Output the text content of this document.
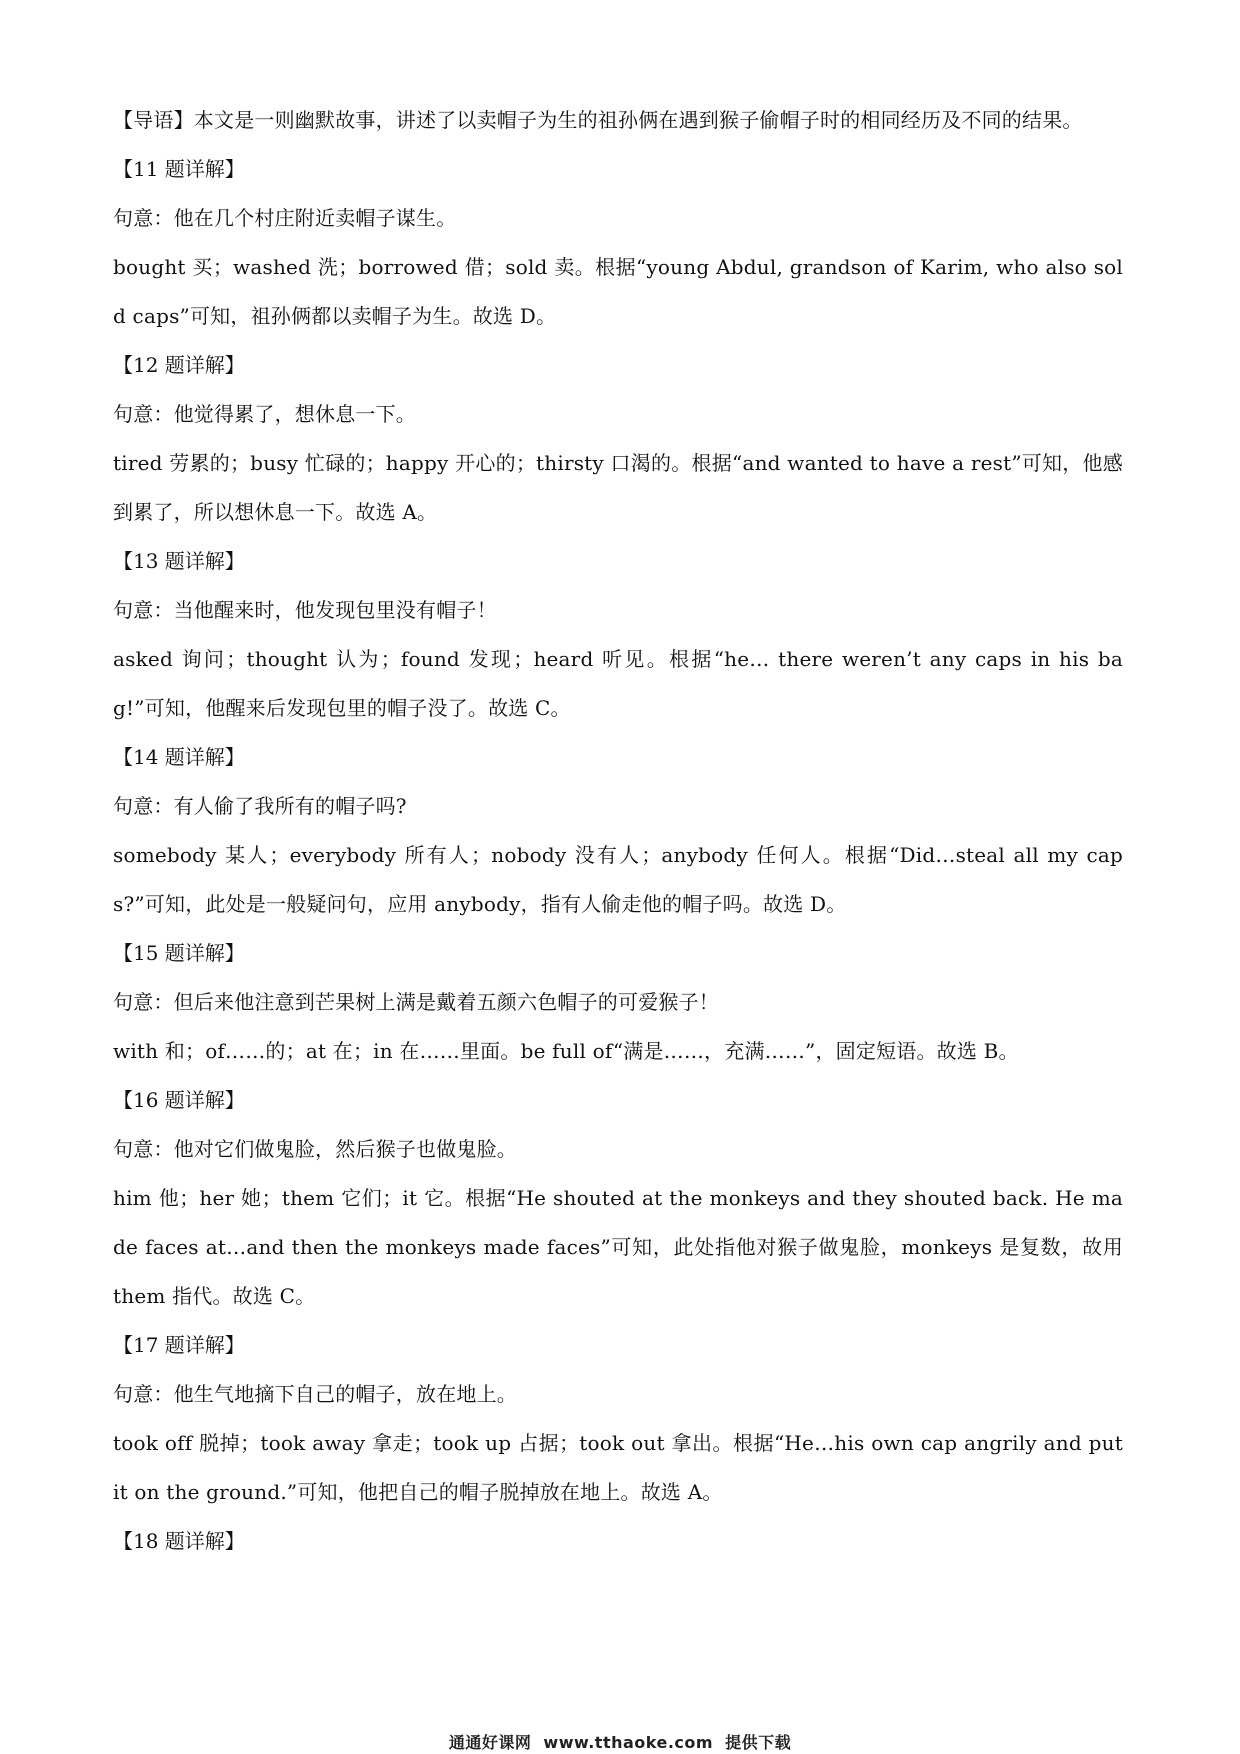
【导语】本文是一则幽默故事，讲述了以卖帽子为生的祖孙俩在遇到猴子偷帽子时的相同经历及不同的结果。

【11 题详解】

句意：他在几个村庄附近卖帽子谋生。

bought 买；washed 洗；borrowed 借；sold 卖。根据“young Abdul, grandson of Karim, who also sold caps”可知，祖孙俩都以卖帽子为生。故选 D。

【12 题详解】

句意：他觉得累了，想休息一下。

tired 劳累的；busy 忙碌的；happy 开心的；thirsty 口渴的。根据“and wanted to have a rest”可知，他感到累了，所以想休息一下。故选 A。

【13 题详解】

句意：当他醒来时，他发现包里没有帽子！

asked 询问；thought 认为；found 发现；heard 听见。根据“he… there weren’t any caps in his bag!”可知，他醒来后发现包里的帽子没了。故选 C。

【14 题详解】

句意：有人偷了我所有的帽子吗?

somebody 某人；everybody 所有人；nobody 没有人；anybody 任何人。根据“Did…steal all my caps?”可知，此处是一般疑问句，应用 anybody，指有人偷走他的帽子吗。故选 D。

【15 题详解】

句意：但后来他注意到芒果树上满是戴着五颜六色帽子的可爱猴子！

with 和；of……的；at 在；in 在……里面。be full of“满是……，充满……”，固定短语。故选 B。

【16 题详解】

句意：他对它们做鬼脸，然后猴子也做鬼脸。

him 他；her 她；them 它们；it 它。根据“He shouted at the monkeys and they shouted back. He made faces at…and then the monkeys made faces”可知，此处指他对猴子做鬼脸，monkeys 是复数，故用 them 指代。故选 C。

【17 题详解】

句意：他生气地摘下自己的帽子，放在地上。

took off 脱掉；took away 拿走；took up 占据；took out 拿出。根据“He…his own cap angrily and put it on the ground.”可知，他把自己的帽子脱掉放在地上。故选 A。

【18 题详解】

通通好课网 www.tthaoke.com 提供下载
